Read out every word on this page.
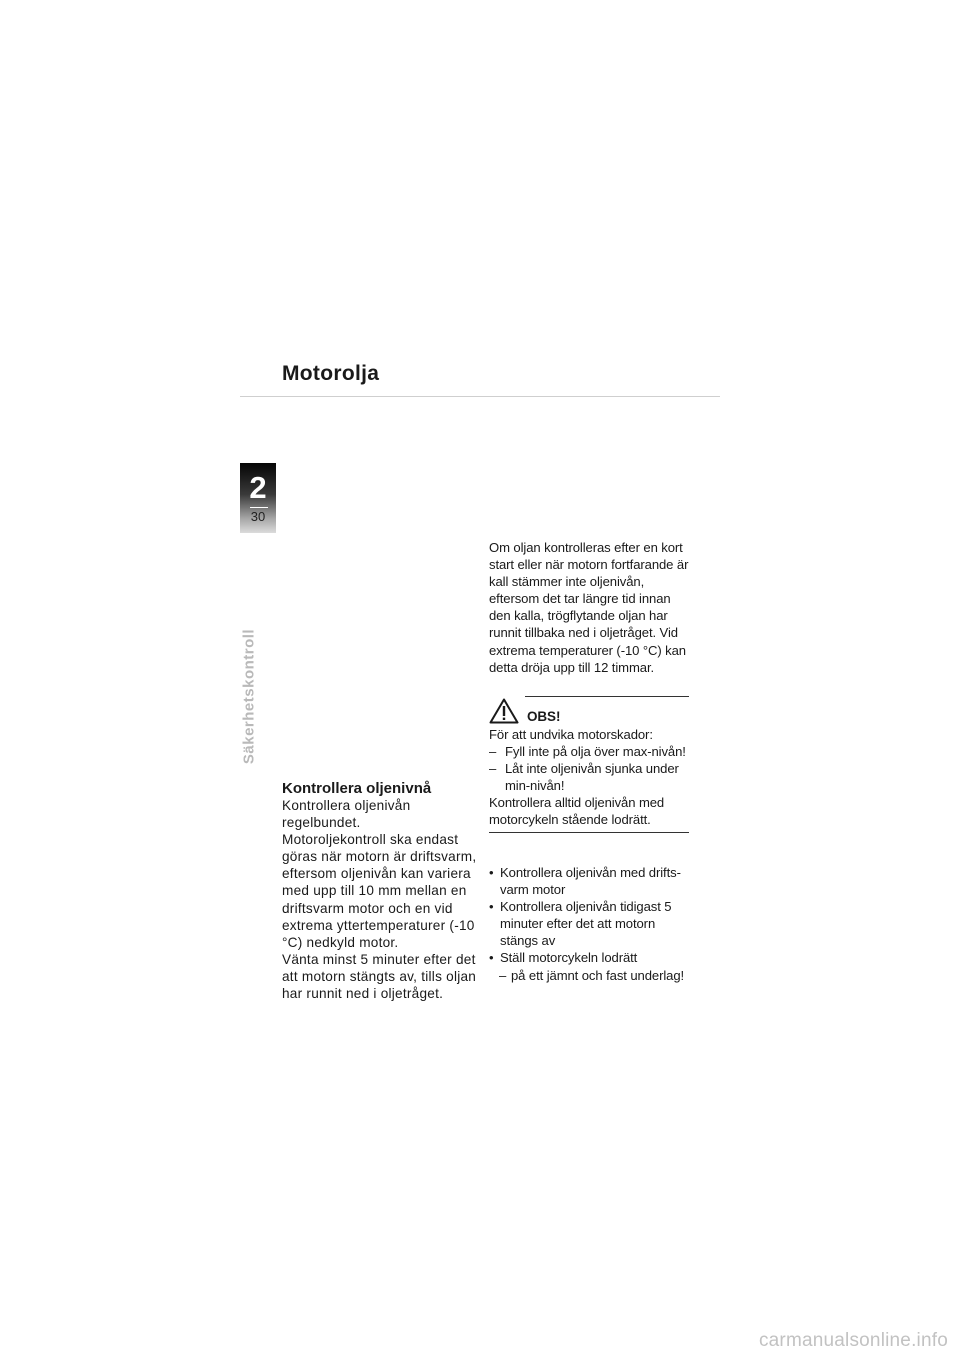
Motorolja
2
30
Säkerhetskontroll
Kontrollera oljenivnå

Kontrollera oljenivån regelbundet.

Motoroljekontroll ska endast göras när motorn är driftsvarm, eftersom oljenivån kan variera med upp till 10 mm mellan en driftsvarm motor och en vid extrema yttertemperaturer (-10 °C) nedkyld motor.

Vänta minst 5 minuter efter det att motorn stängts av, tills oljan har runnit ned i oljetråget.

Om oljan kontrolleras efter en kort start eller när motorn fortfarande är kall stämmer inte oljenivån, eftersom det tar längre tid innan den kalla, trögflytande oljan har runnit tillbaka ned i oljetråget. Vid extrema temperaturer (-10 °C) kan detta dröja upp till 12 timmar.

OBS!

För att undvika motorskador:

– Fyll inte på olja över max-nivån!
– Låt inte oljenivån sjunka under min-nivån!

Kontrollera alltid oljenivån med motorcykeln stående lodrätt.

• Kontrollera oljenivån med drifts-varm motor
• Kontrollera oljenivån tidigast 5 minuter efter det att motorn stängs av
• Ställ motorcykeln lodrätt
– på ett jämnt och fast underlag!
carmanualsonline.info
